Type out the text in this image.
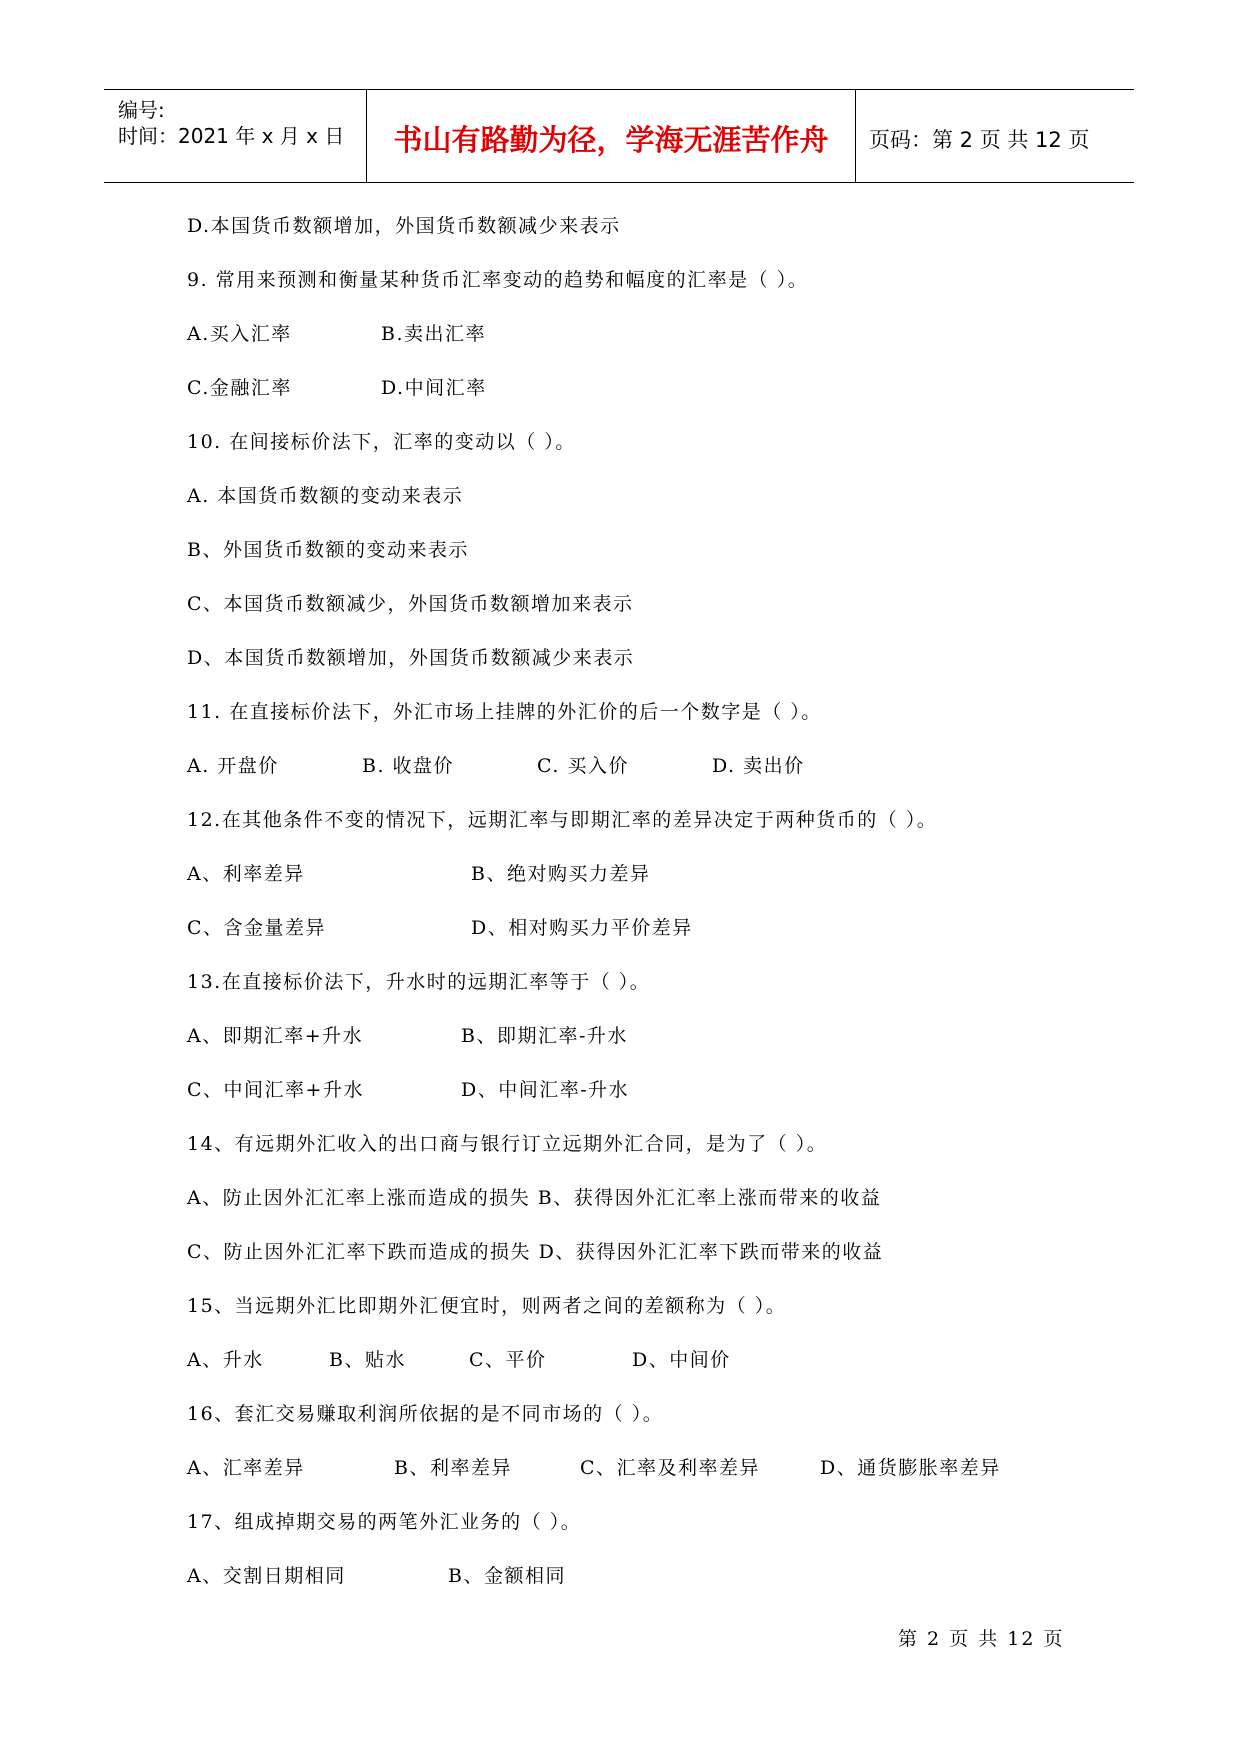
编号:
时间：2021 年 x 月 x 日	书山有路勤为径，学海无涯苦作舟	页码：第 2 页 共 12 页
D.本国货币数额增加，外国货币数额减少来表示
9. 常用来预测和衡量某种货币汇率变动的趋势和幅度的汇率是（ ）。
A.买入汇率	B.卖出汇率
C.金融汇率	D.中间汇率
10. 在间接标价法下，汇率的变动以（ ）。
A. 本国货币数额的变动来表示
B、外国货币数额的变动来表示
C、本国货币数额减少，外国货币数额增加来表示
D、本国货币数额增加，外国货币数额减少来表示
11. 在直接标价法下，外汇市场上挂牌的外汇价的后一个数字是（ ）。
A. 开盘价	B. 收盘价	C. 买入价	D. 卖出价
12.在其他条件不变的情况下，远期汇率与即期汇率的差异决定于两种货币的（ ）。
A、利率差异	B、绝对购买力差异
C、含金量差异	D、相对购买力平价差异
13.在直接标价法下，升水时的远期汇率等于（ ）。
A、即期汇率+升水	B、即期汇率-升水
C、中间汇率+升水	D、中间汇率-升水
14、有远期外汇收入的出口商与银行订立远期外汇合同，是为了（ ）。
A、防止因外汇汇率上涨而造成的损失 B、获得因外汇汇率上涨而带来的收益
C、防止因外汇汇率下跌而造成的损失 D、获得因外汇汇率下跌而带来的收益
15、当远期外汇比即期外汇便宜时，则两者之间的差额称为（ ）。
A、升水	B、贴水	C、平价	D、中间价
16、套汇交易赚取利润所依据的是不同市场的（ ）。
A、汇率差异	B、利率差异	C、汇率及利率差异	D、通货膨胀率差异
17、组成掉期交易的两笔外汇业务的（ ）。
A、交割日期相同	B、金额相同
第 2 页 共 12 页
